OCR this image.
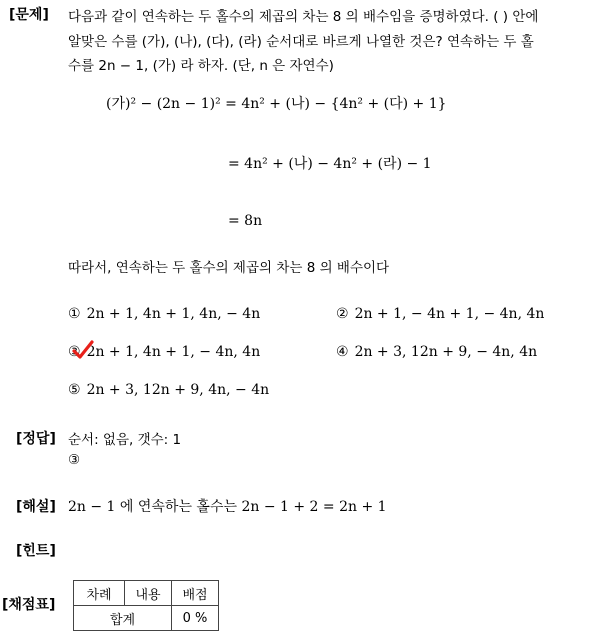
[문제] 다음과 같이 연속하는 두 홀수의 제곱의 차는 8 의 배수임을 증명하였다. ( ) 안에
알맞은 수를 (가), (나), (다), (라) 순서대로 바르게 나열한 것은? 연속하는 두 홀
수를 2n − 1, (가) 라 하자. (단, n 은 자연수)
(가)² − (2n − 1)² = 4n² + (나) − {4n² + (다) + 1}
= 4n² + (나) − 4n² + (라) − 1
= 8n
따라서, 연속하는 두 홀수의 제곱의 차는 8 의 배수이다
① 2n + 1, 4n + 1, 4n, − 4n	② 2n + 1, − 4n + 1, − 4n, 4n
③ 2n + 1, 4n + 1, − 4n, 4n	④ 2n + 3, 12n + 9, − 4n, 4n
⑤ 2n + 3, 12n + 9, 4n, − 4n
[정답] 순서: 없음, 갯수: 1
③
[해설] 2n − 1 에 연속하는 홀수는 2n − 1 + 2 = 2n + 1
[힌트]
[채점표]
차례	내용	배점
합계		0 %
